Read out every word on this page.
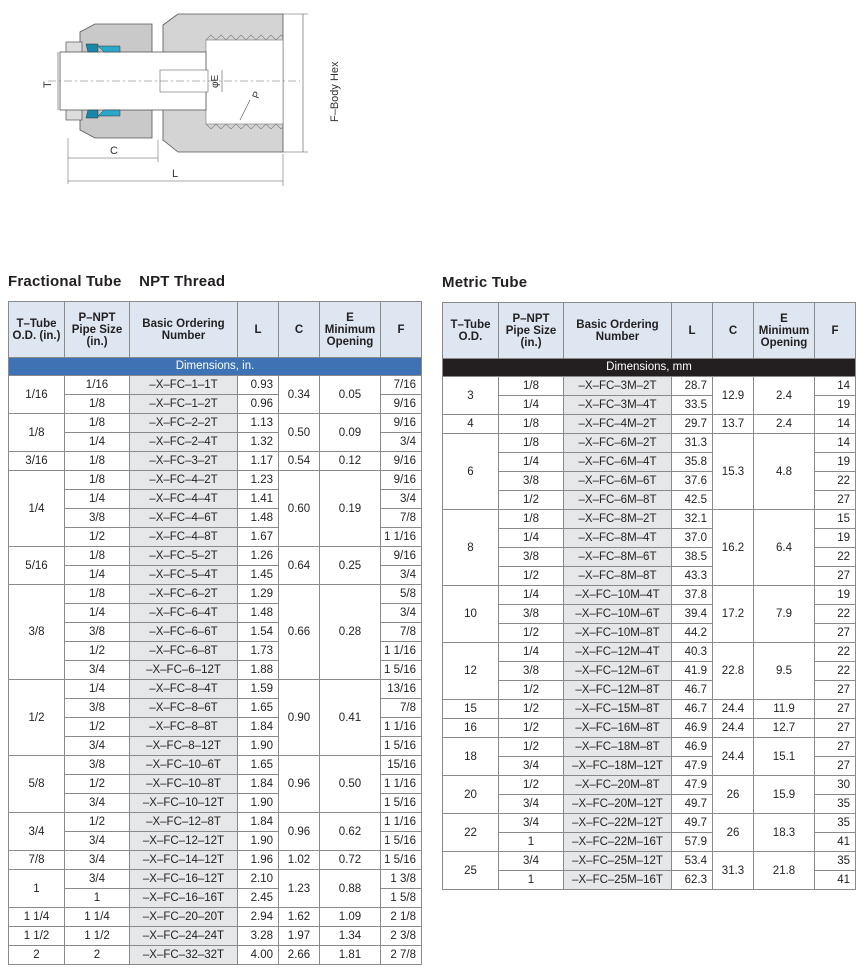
T
C
L
φE
P	F–Body Hex
Fractional Tube NPT Thread	Metric Tube
T–Tube O.D. (in.)	P–NPT Pipe Size (in.)	Basic Ordering Number	L	C	E Minimum Opening	F
Dimensions, in.						
1/16	1/16	–X–FC–1–1T	0.93	0.34	0.05	7/16
	1/8	–X–FC–1–2T	0.96			9/16
1/8	1/8	–X–FC–2–2T	1.13	0.50	0.09	9/16
	1/4	–X–FC–2–4T	1.32			3/4
3/16	1/8	–X–FC–3–2T	1.17	0.54	0.12	9/16
1/4	1/8	–X–FC–4–2T	1.23	0.60	0.19	9/16
	1/4	–X–FC–4–4T	1.41			3/4
	3/8	–X–FC–4–6T	1.48			7/8
	1/2	–X–FC–4–8T	1.67			1 1/16
5/16	1/8	–X–FC–5–2T	1.26	0.64	0.25	9/16
	1/4	–X–FC–5–4T	1.45			3/4
3/8	1/8	–X–FC–6–2T	1.29	0.66	0.28	5/8
	1/4	–X–FC–6–4T	1.48			3/4
	3/8	–X–FC–6–6T	1.54			7/8
	1/2	–X–FC–6–8T	1.73			1 1/16
	3/4	–X–FC–6–12T	1.88			1 5/16
1/2	1/4	–X–FC–8–4T	1.59	0.90	0.41	13/16
	3/8	–X–FC–8–6T	1.65			7/8
	1/2	–X–FC–8–8T	1.84			1 1/16
	3/4	–X–FC–8–12T	1.90			1 5/16
5/8	3/8	–X–FC–10–6T	1.65	0.96	0.50	15/16
	1/2	–X–FC–10–8T	1.84			1 1/16
	3/4	–X–FC–10–12T	1.90			1 5/16
3/4	1/2	–X–FC–12–8T	1.84	0.96	0.62	1 1/16
	3/4	–X–FC–12–12T	1.90			1 5/16
7/8	3/4	–X–FC–14–12T	1.96	1.02	0.72	1 5/16
1	3/4	–X–FC–16–12T	2.10	1.23	0.88	1 3/8
	1	–X–FC–16–16T	2.45			1 5/8
1 1/4	1 1/4	–X–FC–20–20T	2.94	1.62	1.09	2 1/8
1 1/2	1 1/2	–X–FC–24–24T	3.28	1.97	1.34	2 3/8
2	2	–X–FC–32–32T	4.00	2.66	1.81	2 7/8
T–Tube O.D.	P–NPT Pipe Size (in.)	Basic Ordering Number	L	C	E Minimum Opening	F
Dimensions, mm						
3	1/8	–X–FC–3M–2T	28.7	12.9	2.4	14
	1/4	–X–FC–3M–4T	33.5			19
4	1/8	–X–FC–4M–2T	29.7	13.7	2.4	14
6	1/8	–X–FC–6M–2T	31.3	15.3	4.8	14
	1/4	–X–FC–6M–4T	35.8			19
	3/8	–X–FC–6M–6T	37.6			22
	1/2	–X–FC–6M–8T	42.5			27
8	1/8	–X–FC–8M–2T	32.1	16.2	6.4	15
	1/4	–X–FC–8M–4T	37.0			19
	3/8	–X–FC–8M–6T	38.5			22
	1/2	–X–FC–8M–8T	43.3			27
10	1/4	–X–FC–10M–4T	37.8	17.2	7.9	19
	3/8	–X–FC–10M–6T	39.4			22
	1/2	–X–FC–10M–8T	44.2			27
12	1/4	–X–FC–12M–4T	40.3	22.8	9.5	22
	3/8	–X–FC–12M–6T	41.9			22
	1/2	–X–FC–12M–8T	46.7			27
15	1/2	–X–FC–15M–8T	46.7	24.4	11.9	27
16	1/2	–X–FC–16M–8T	46.9	24.4	12.7	27
18	1/2	–X–FC–18M–8T	46.9	24.4	15.1	27
	3/4	–X–FC–18M–12T	47.9			27
20	1/2	–X–FC–20M–8T	47.9	26	15.9	30
	3/4	–X–FC–20M–12T	49.7			35
22	3/4	–X–FC–22M–12T	49.7	26	18.3	35
	1	–X–FC–22M–16T	57.9			41
25	3/4	–X–FC–25M–12T	53.4	31.3	21.8	35
	1	–X–FC–25M–16T	62.3			41
